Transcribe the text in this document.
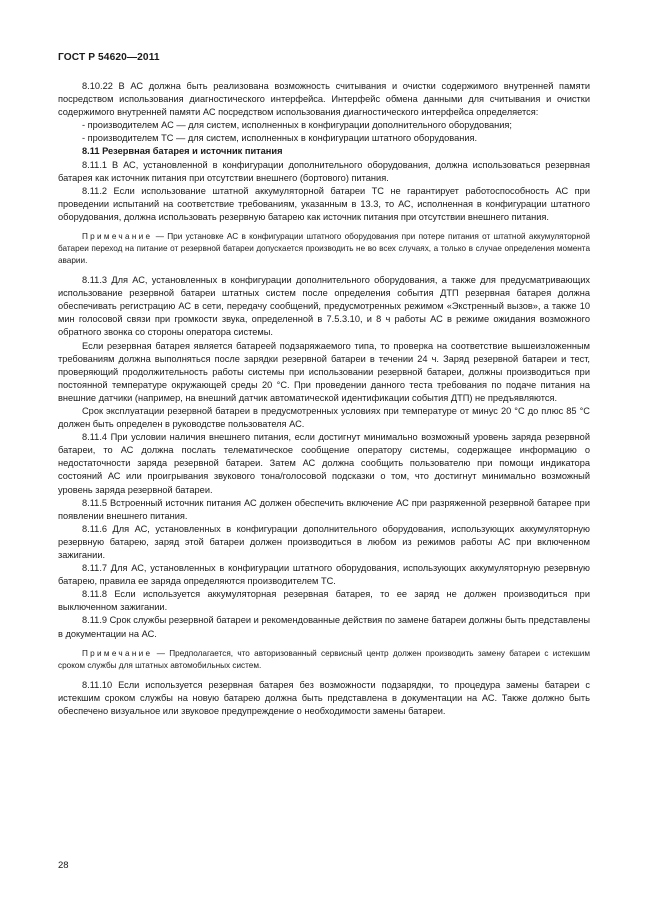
ГОСТ Р 54620—2011

8.10.22 В АС должна быть реализована возможность считывания и очистки содержимого внутренней памяти посредством использования диагностического интерфейса. Интерфейс обмена данными для считывания и очистки содержимого внутренней памяти АС посредством использования диагностического интерфейса определяется:

- производителем АС — для систем, исполненных в конфигурации дополнительного оборудования;

- производителем ТС — для систем, исполненных в конфигурации штатного оборудования.

8.11 Резервная батарея и источник питания

8.11.1 В АС, установленной в конфигурации дополнительного оборудования, должна использоваться резервная батарея как источник питания при отсутствии внешнего (бортового) питания.

8.11.2 Если использование штатной аккумуляторной батареи ТС не гарантирует работоспособность АС при проведении испытаний на соответствие требованиям, указанным в 13.3, то АС, исполненная в конфигурации штатного оборудования, должна использовать резервную батарею как источник питания при отсутствии внешнего питания.

Примечание — При установке АС в конфигурации штатного оборудования при потере питания от штатной аккумуляторной батареи переход на питание от резервной батареи допускается производить не во всех случаях, а только в случае определения момента аварии.

8.11.3 Для АС, установленных в конфигурации дополнительного оборудования, а также для предусматривающих использование резервной батареи штатных систем после определения события ДТП резервная батарея должна обеспечивать регистрацию АС в сети, передачу сообщений, предусмотренных режимом «Экстренный вызов», а также 10 мин голосовой связи при громкости звука, определенной в 7.5.3.10, и 8 ч работы АС в режиме ожидания возможного обратного звонка со стороны оператора системы.

Если резервная батарея является батареей подзаряжаемого типа, то проверка на соответствие вышеизложенным требованиям должна выполняться после зарядки резервной батареи в течении 24 ч. Заряд резервной батареи и тест, проверяющий продолжительность работы системы при использовании резервной батареи, должны производиться при постоянной температуре окружающей среды 20 °С. При проведении данного теста требования по подаче питания на внешние датчики (например, на внешний датчик автоматической идентификации события ДТП) не предъявляются.

Срок эксплуатации резервной батареи в предусмотренных условиях при температуре от минус 20 °С до плюс 85 °С должен быть определен в руководстве пользователя АС.

8.11.4 При условии наличия внешнего питания, если достигнут минимально возможный уровень заряда резервной батареи, то АС должна послать телематическое сообщение оператору системы, содержащее информацию о недостаточности заряда резервной батареи. Затем АС должна сообщить пользователю при помощи индикатора состояний АС или проигрывания звукового тона/голосовой подсказки о том, что достигнут минимально возможный уровень заряда резервной батареи.

8.11.5 Встроенный источник питания АС должен обеспечить включение АС при разряженной резервной батарее при появлении внешнего питания.

8.11.6 Для АС, установленных в конфигурации дополнительного оборудования, использующих аккумуляторную резервную батарею, заряд этой батареи должен производиться в любом из режимов работы АС при включенном зажигании.

8.11.7 Для АС, установленных в конфигурации штатного оборудования, использующих аккумуляторную резервную батарею, правила ее заряда определяются производителем ТС.

8.11.8 Если используется аккумуляторная резервная батарея, то ее заряд не должен производиться при выключенном зажигании.

8.11.9 Срок службы резервной батареи и рекомендованные действия по замене батареи должны быть представлены в документации на АС.

Примечание — Предполагается, что авторизованный сервисный центр должен производить замену батареи с истекшим сроком службы для штатных автомобильных систем.

8.11.10 Если используется резервная батарея без возможности подзарядки, то процедура замены батареи с истекшим сроком службы на новую батарею должна быть представлена в документации на АС. Также должно быть обеспечено визуальное или звуковое предупреждение о необходимости замены батареи.

28
